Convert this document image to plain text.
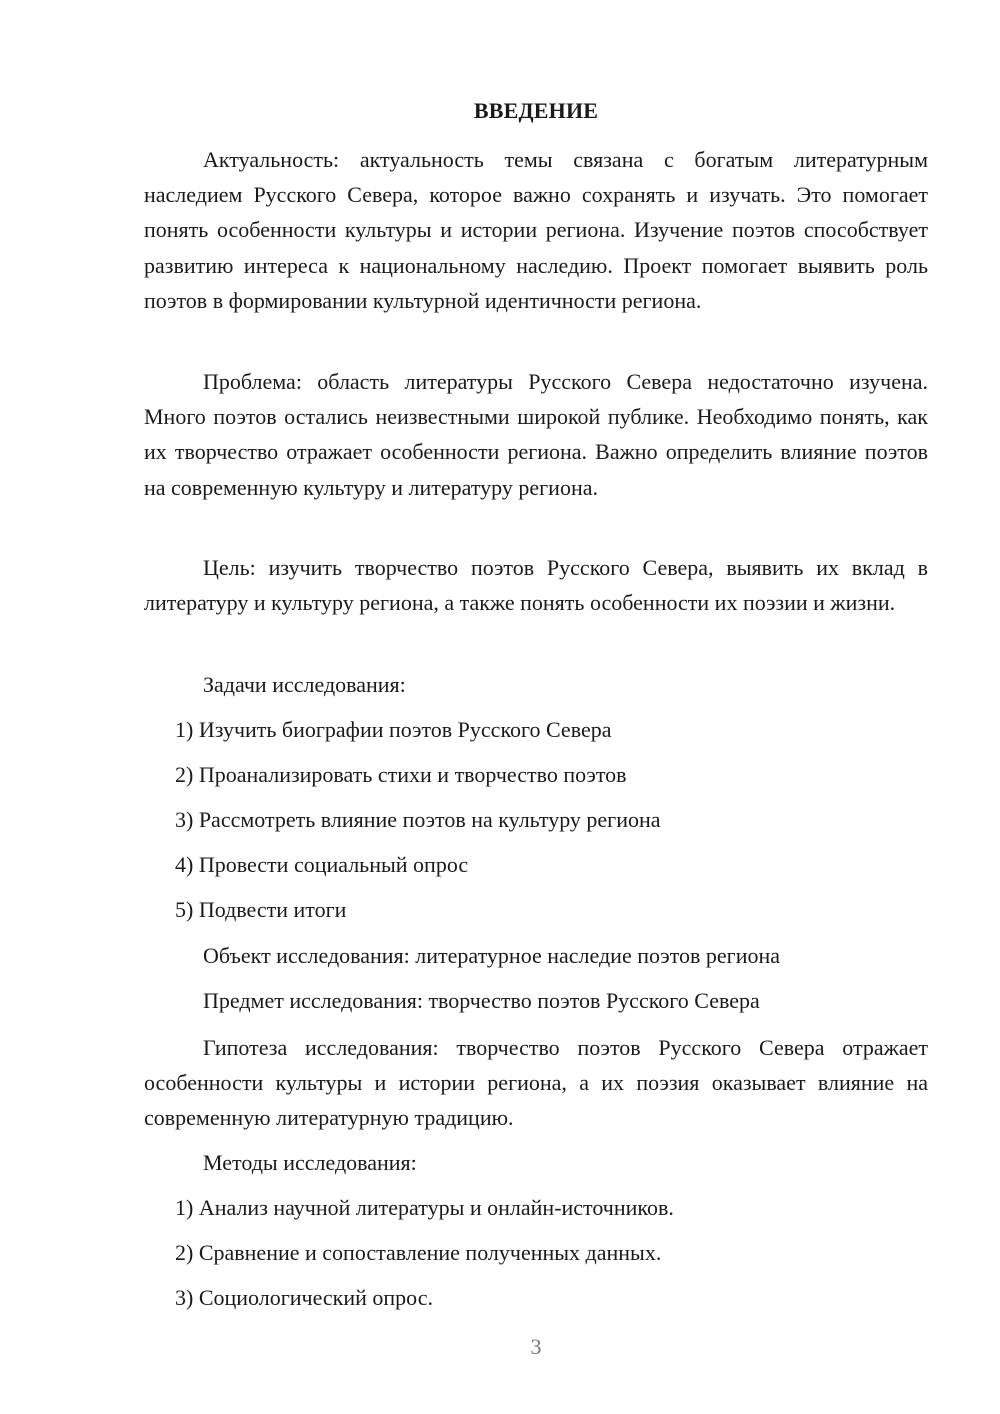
ВВЕДЕНИЕ

Актуальность: актуальность темы связана с богатым литературным наследием Русского Севера, которое важно сохранять и изучать. Это помогает понять особенности культуры и истории региона. Изучение поэтов способствует развитию интереса к национальному наследию. Проект помогает выявить роль поэтов в формировании культурной идентичности региона.

Проблема: область литературы Русского Севера недостаточно изучена. Много поэтов остались неизвестными широкой публике. Необходимо понять, как их творчество отражает особенности региона. Важно определить влияние поэтов на современную культуру и литературу региона.

Цель: изучить творчество поэтов Русского Севера, выявить их вклад в литературу и культуру региона, а также понять особенности их поэзии и жизни.

Задачи исследования:

1) Изучить биографии поэтов Русского Севера

2) Проанализировать стихи и творчество поэтов

3) Рассмотреть влияние поэтов на культуру региона

4) Провести социальный опрос

5) Подвести итоги

Объект исследования: литературное наследие поэтов региона

Предмет исследования: творчество поэтов Русского Севера

Гипотеза исследования: творчество поэтов Русского Севера отражает особенности культуры и истории региона, а их поэзия оказывает влияние на современную литературную традицию.

Методы исследования:

1) Анализ научной литературы и онлайн-источников.

2) Сравнение и сопоставление полученных данных.

3) Социологический опрос.

3
